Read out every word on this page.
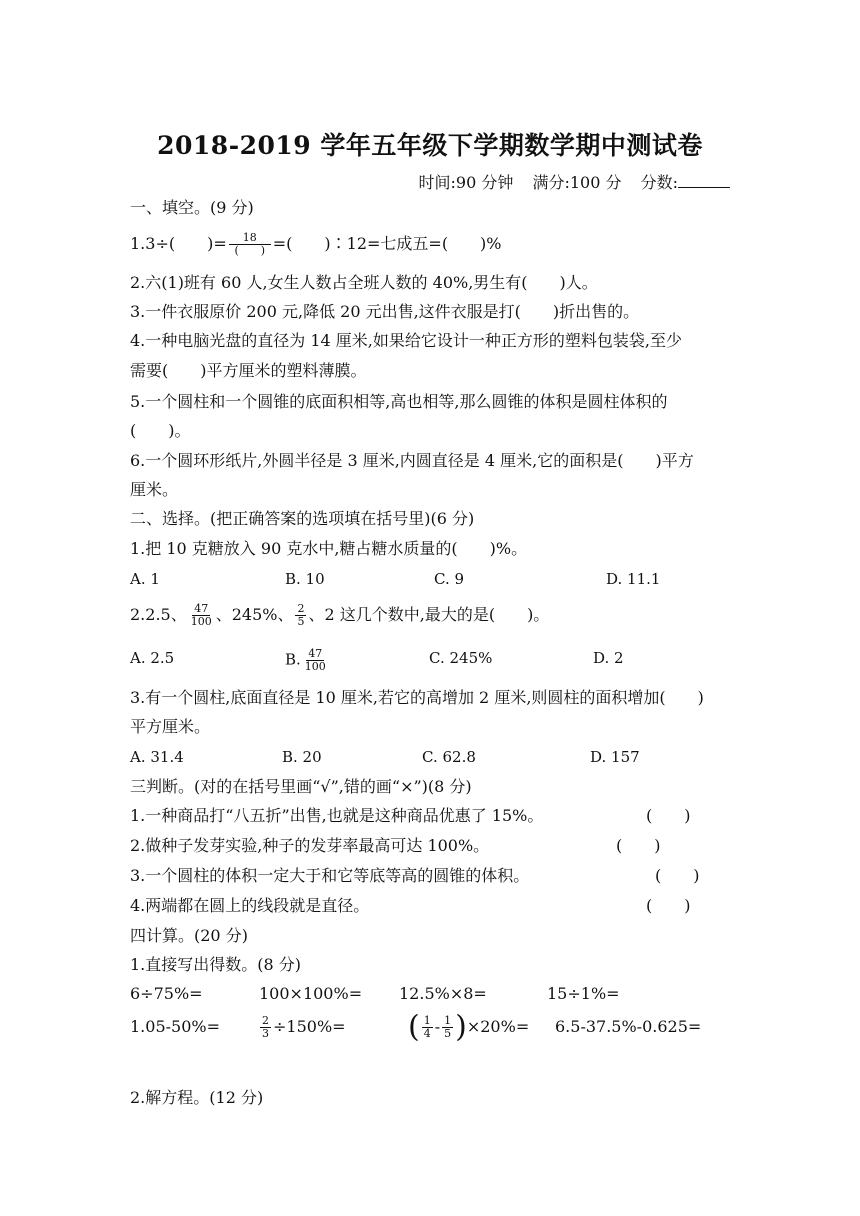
2018-2019 学年五年级下学期数学期中测试卷
时间:90 分钟 满分:100 分 分数:
一、填空。(9 分)
1.3÷(　　)= $\frac{18}{( )}$ =(　　)∶12=七成五=(　　)%
2.六(1)班有 60 人,女生人数占全班人数的 40%,男生有(　　)人。
3.一件衣服原价 200 元,降低 20 元出售,这件衣服是打(　　)折出售的。
4.一种电脑光盘的直径为 14 厘米,如果给它设计一种正方形的塑料包装袋,至少
需要(　　)平方厘米的塑料薄膜。
5.一个圆柱和一个圆锥的底面积相等,高也相等,那么圆锥的体积是圆柱体积的
(　　)。
6.一个圆环形纸片,外圆半径是 3 厘米,内圆直径是 4 厘米,它的面积是(　　)平方
厘米。
二、选择。(把正确答案的选项填在括号里)(6 分)
1.把 10 克糖放入 90 克水中,糖占糖水质量的(　　)%。
A. 1	B. 10	C. 9	D. 11.1
2.2.5、 $\frac{47}{100}$ 、245%、 $\frac{2}{5}$ 、2 这几个数中,最大的是(　　)。
A. 2.5	B. $\frac{47}{100}$	C. 245%	D. 2
3.有一个圆柱,底面直径是 10 厘米,若它的高增加 2 厘米,则圆柱的面积增加(　　)
平方厘米。
A. 31.4	B. 20	C. 62.8	D. 157
三判断。(对的在括号里画“√”,错的画“×”)(8 分)
1.一种商品打“八五折”出售,也就是这种商品优惠了 15%。	(　　)
2.做种子发芽实验,种子的发芽率最高可达 100%。	(　　)
3.一个圆柱的体积一定大于和它等底等高的圆锥的体积。	(　　)
4.两端都在圆上的线段就是直径。	(　　)
四计算。(20 分)
1.直接写出得数。(8 分)
6÷75%=	100×100%= 12.5%×8=	15÷1%=
1.05-50%=	$\frac{2}{3} \div 150\%=$ ( $\frac{1}{4} - \frac{1}{5} )\times 20\%= 6.5-37.5\%-0.625=$
2.解方程。(12 分)
